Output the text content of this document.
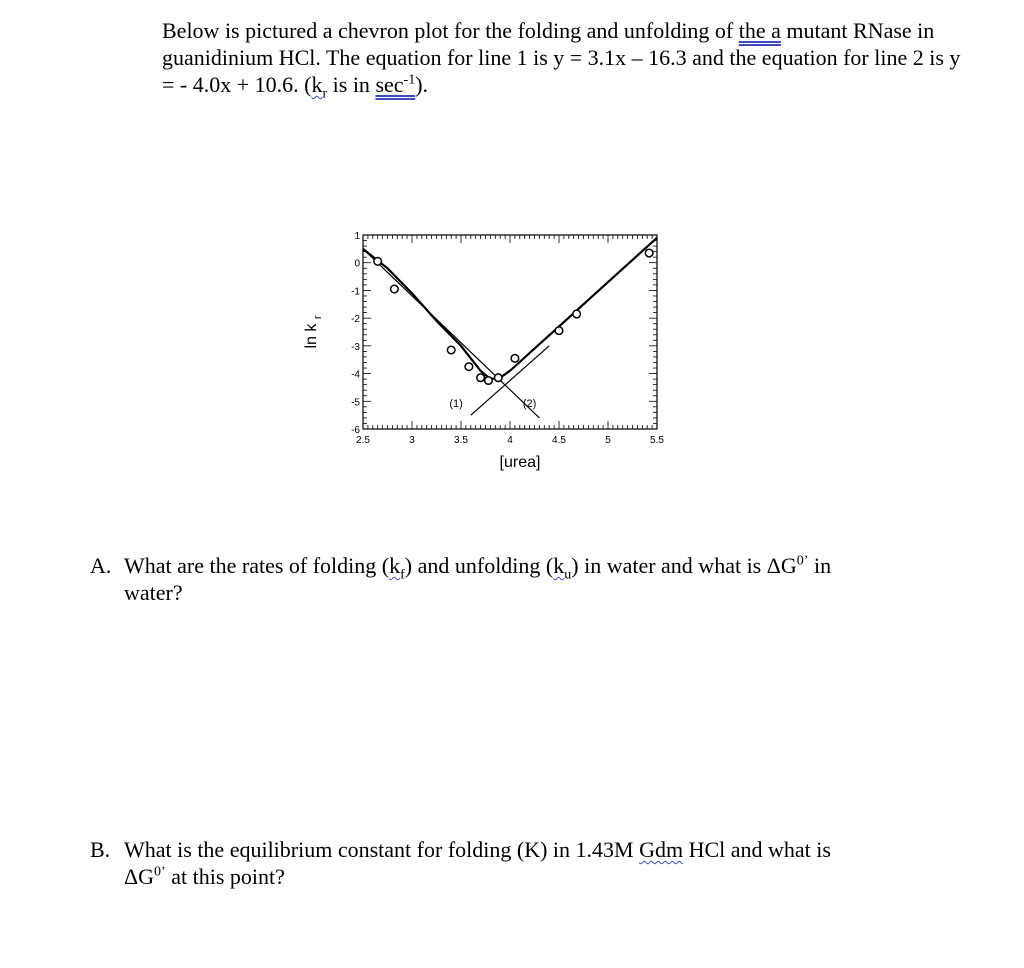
Below is pictured a chevron plot for the folding and unfolding of the a mutant RNase in guanidinium HCl. The equation for line 1 is y = 3.1x – 16.3 and the equation for line 2 is y = - 4.0x + 10.6. ($k_r$ is in $\sec^{-1}$).
2.5	3	3.5	4	4.5	5	5.5
1
0
-1
-2
-3
-4
-5
-6
[urea]
ln k $_r$
(1)	(2)
A. What are the rates of folding $(k_f)$ and unfolding $(k_u)$ in water and what is $\Delta G^{0’}$ in
water?
B. What is the equilibrium constant for folding (K) in 1.43M Gdm HCl and what is
$\Delta G^{0’}$ at this point?
